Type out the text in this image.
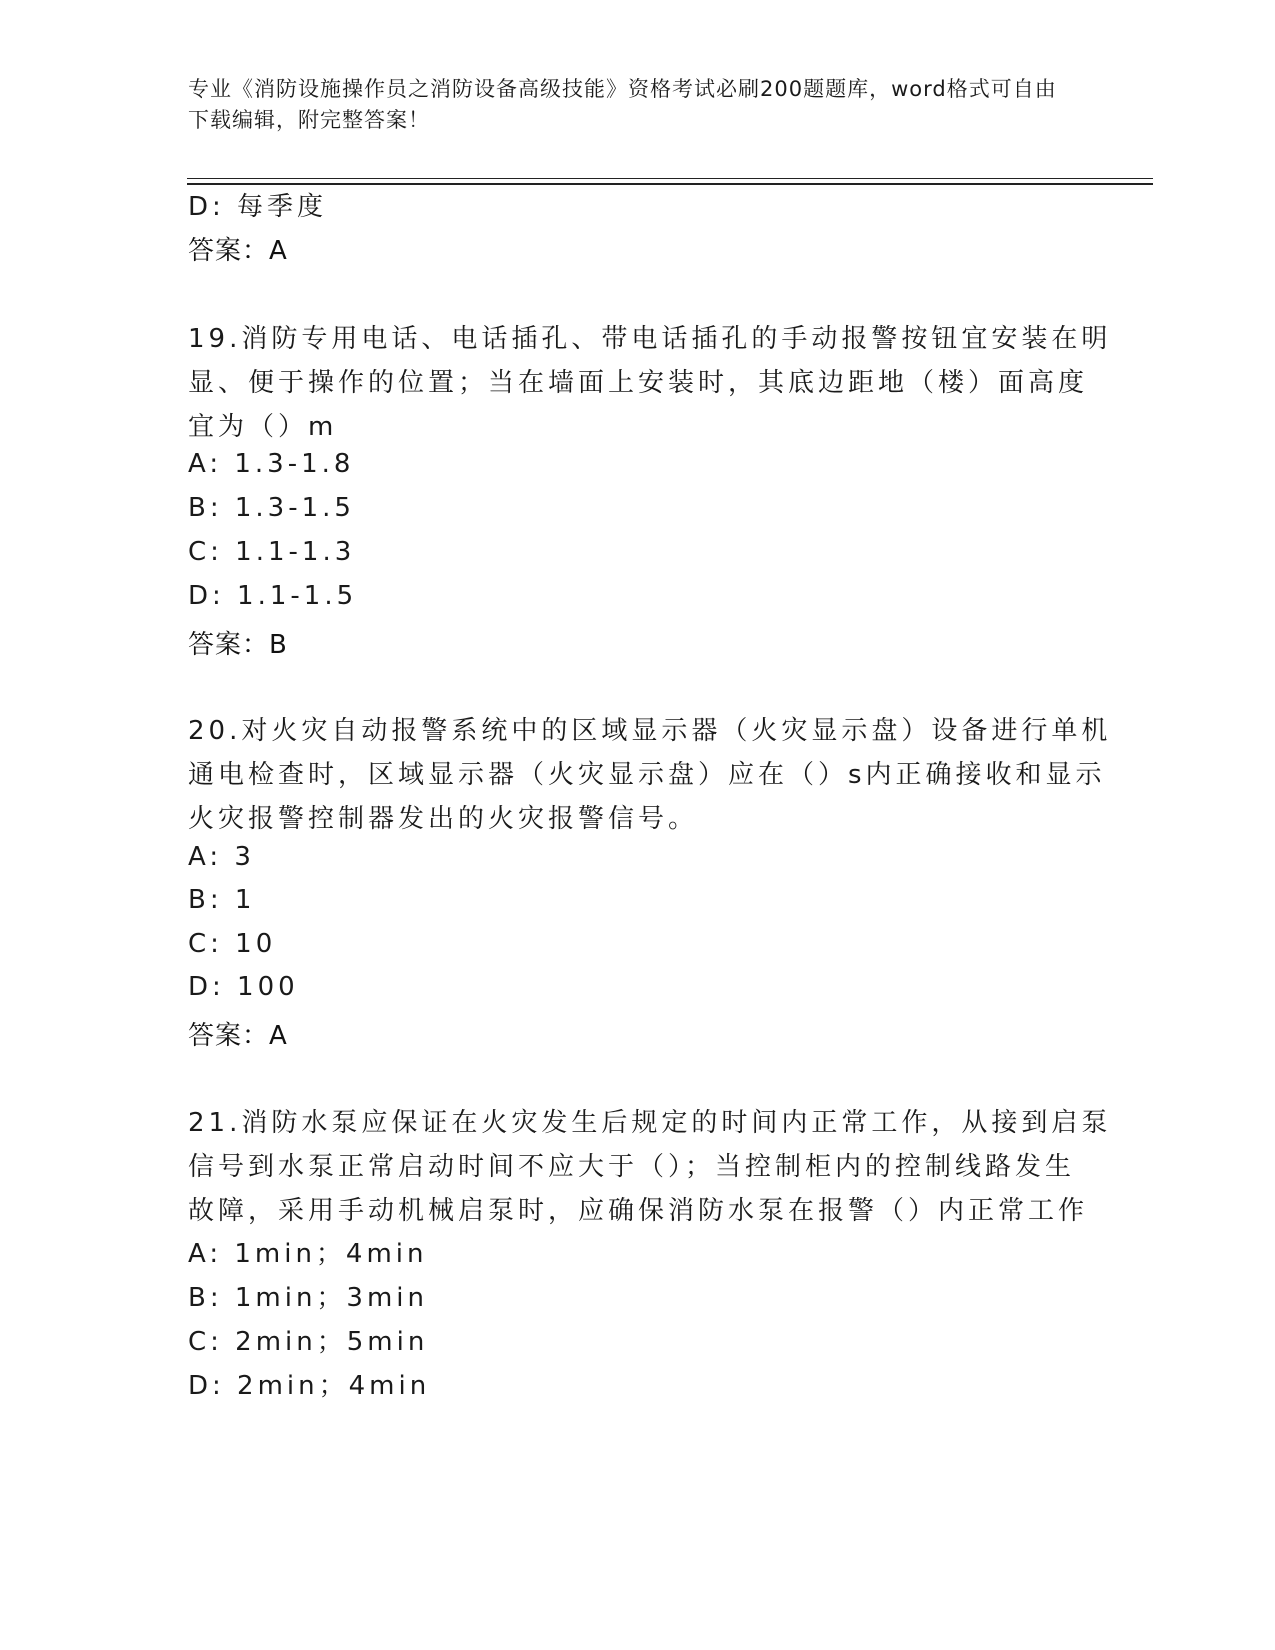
专业《消防设施操作员之消防设备高级技能》资格考试必刷200题题库，word格式可自由下载编辑，附完整答案！
D: 每季度
答案：A
19.消防专用电话、电话插孔、带电话插孔的手动报警按钮宜安装在明
显、便于操作的位置；当在墙面上安装时，其底边距地（楼）面高度
宜为（）m
A: 1.3-1.8
B: 1.3-1.5
C: 1.1-1.3
D: 1.1-1.5
答案：B
20.对火灾自动报警系统中的区域显示器（火灾显示盘）设备进行单机
通电检查时，区域显示器（火灾显示盘）应在（）s内正确接收和显示
火灾报警控制器发出的火灾报警信号。
A: 3
B: 1
C: 10
D: 100
答案：A
21.消防水泵应保证在火灾发生后规定的时间内正常工作，从接到启泵
信号到水泵正常启动时间不应大于（）；当控制柜内的控制线路发生
故障，采用手动机械启泵时，应确保消防水泵在报警（）内正常工作
A: 1min；4min
B: 1min；3min
C: 2min；5min
D: 2min；4min
